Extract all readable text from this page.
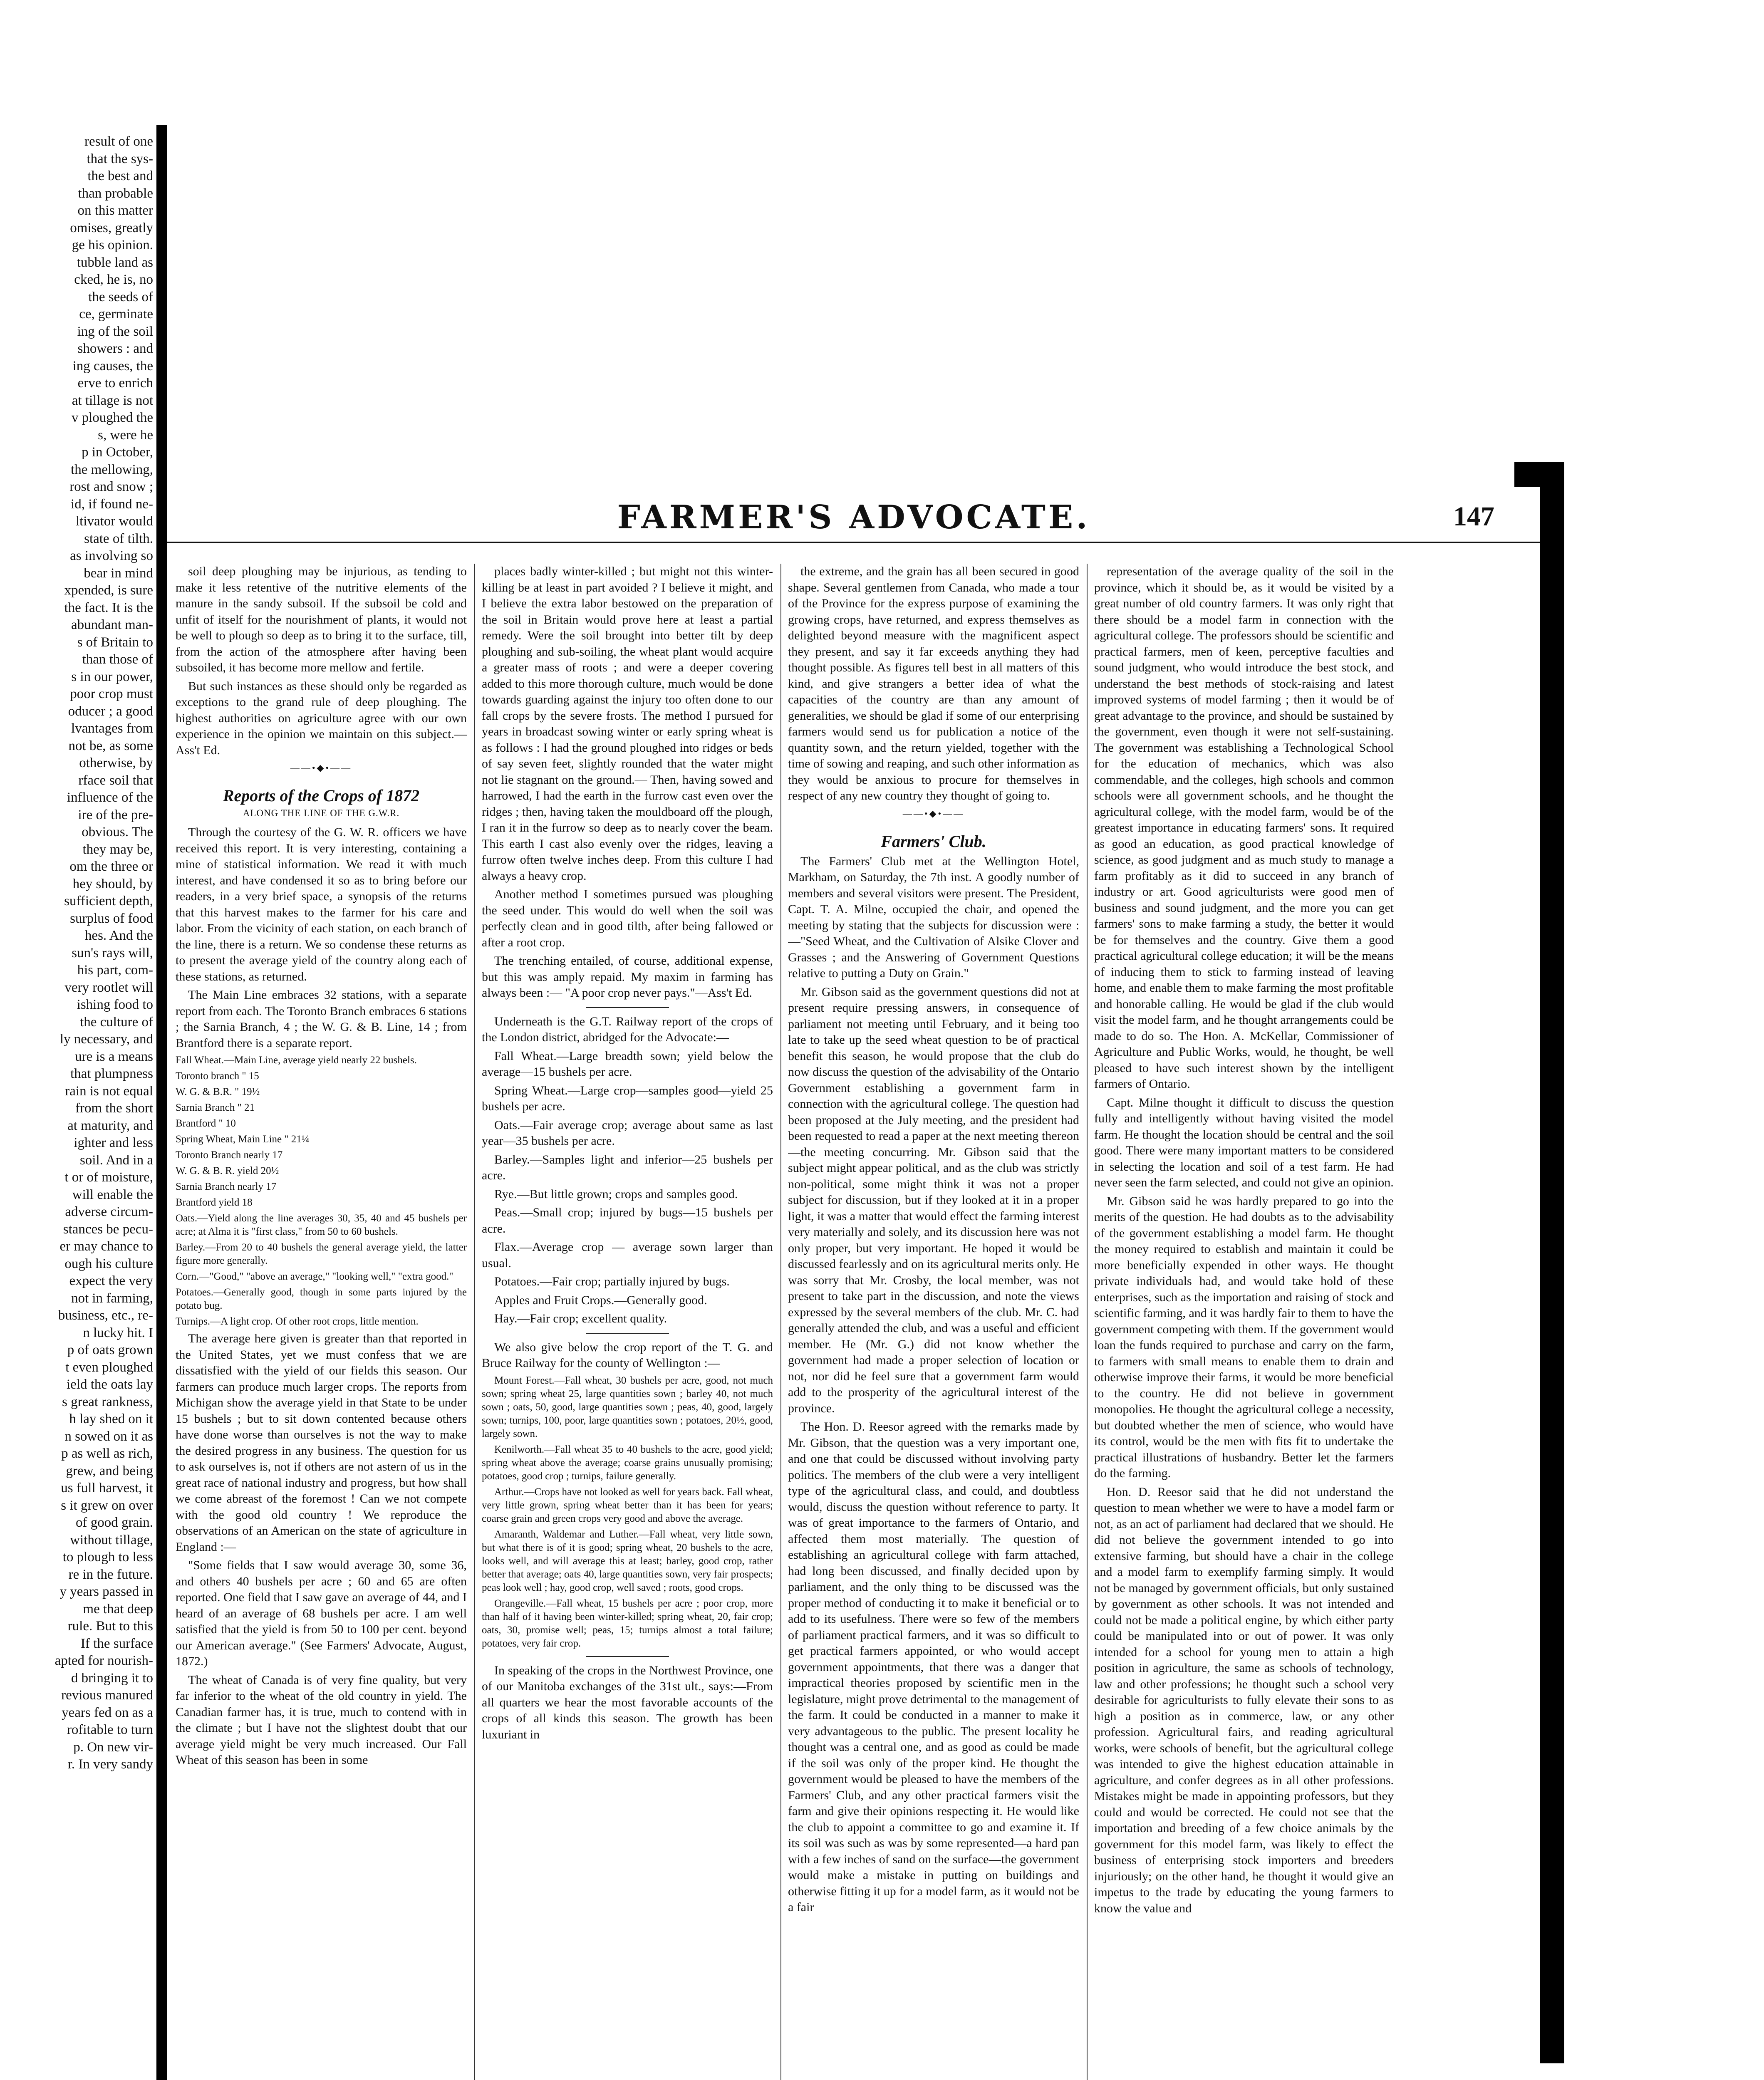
result of one

that the sys-

the best and

than probable

on this matter

omises, greatly

ge his opinion.

tubble land as

cked, he is, no

the seeds of

ce, germinate

ing of the soil

showers : and

ing causes, the

erve to enrich

at tillage is not

v ploughed the

s, were he

p in October,

the mellowing,

rost and snow ;

id, if found ne-

ltivator would

state of tilth.

as involving so

bear in mind

xpended, is sure

the fact. It is the

abundant man-

s of Britain to

than those of

s in our power,

poor crop must

oducer ; a good

lvantages from

not be, as some

otherwise, by

rface soil that

influence of the

ire of the pre-

obvious. The

they may be,

om the three or

hey should, by

sufficient depth,

surplus of food

hes. And the

sun's rays will,

his part, com-

very rootlet will

ishing food to

the culture of

ly necessary, and

ure is a means

that plumpness

rain is not equal

from the short

at maturity, and

ighter and less

soil. And in a

t or of moisture,

will enable the

adverse circum-

stances be pecu-

er may chance to

ough his culture

expect the very

not in farming,

business, etc., re-

n lucky hit. I

p of oats grown

t even ploughed

ield the oats lay

s great rankness,

h lay shed on it

n sowed on it as

p as well as rich,

grew, and being

us full harvest, it

s it grew on over

of good grain.

without tillage,

to plough to less

re in the future.

y years passed in

me that deep

rule. But to this

If the surface

apted for nourish-

d bringing it to

revious manured

years fed on as a

rofitable to turn

p. On new vir-

r. In very sandy

FARMER'S ADVOCATE.	147

soil deep ploughing may be injurious, as tending to make it less retentive of the nutritive elements of the manure in the sandy subsoil. If the subsoil be cold and unfit of itself for the nourishment of plants, it would not be well to plough so deep as to bring it to the surface, till, from the action of the atmosphere after having been subsoiled, it has become more mellow and fertile.

But such instances as these should only be regarded as exceptions to the grand rule of deep ploughing. The highest authorities on agriculture agree with our own experience in the opinion we maintain on this subject.—Ass't Ed.

——•◆•——
Reports of the Crops of 1872
ALONG THE LINE OF THE G.W.R.

Through the courtesy of the G. W. R. officers we have received this report. It is very interesting, containing a mine of statistical information. We read it with much interest, and have condensed it so as to bring before our readers, in a very brief space, a synopsis of the returns that this harvest makes to the farmer for his care and labor. From the vicinity of each station, on each branch of the line, there is a return. We so condense these returns as to present the average yield of the country along each of these stations, as returned.

The Main Line embraces 32 stations, with a separate report from each. The Toronto Branch embraces 6 stations ; the Sarnia Branch, 4 ; the W. G. & B. Line, 14 ; from Brantford there is a separate report.

Fall Wheat.—Main Line, average yield nearly 22 bushels.

Toronto branch " 15

W. G. & B.R. " 19½

Sarnia Branch " 21

Brantford " 10

Spring Wheat, Main Line " 21¼

Toronto Branch nearly 17

W. G. & B. R. yield 20½

Sarnia Branch nearly 17

Brantford yield 18

Oats.—Yield along the line averages 30, 35, 40 and 45 bushels per acre; at Alma it is "first class," from 50 to 60 bushels.

Barley.—From 20 to 40 bushels the general average yield, the latter figure more generally.

Corn.—"Good," "above an average," "looking well," "extra good."

Potatoes.—Generally good, though in some parts injured by the potato bug.

Turnips.—A light crop. Of other root crops, little mention.

The average here given is greater than that reported in the United States, yet we must confess that we are dissatisfied with the yield of our fields this season. Our farmers can produce much larger crops. The reports from Michigan show the average yield in that State to be under 15 bushels ; but to sit down contented because others have done worse than ourselves is not the way to make the desired progress in any business. The question for us to ask ourselves is, not if others are not astern of us in the great race of national industry and progress, but how shall we come abreast of the foremost ! Can we not compete with the good old country ! We reproduce the observations of an American on the state of agriculture in England :—

"Some fields that I saw would average 30, some 36, and others 40 bushels per acre ; 60 and 65 are often reported. One field that I saw gave an average of 44, and I heard of an average of 68 bushels per acre. I am well satisfied that the yield is from 50 to 100 per cent. beyond our American average." (See Farmers' Advocate, August, 1872.)

The wheat of Canada is of very fine quality, but very far inferior to the wheat of the old country in yield. The Canadian farmer has, it is true, much to contend with in the climate ; but I have not the slightest doubt that our average yield might be very much increased. Our Fall Wheat of this season has been in some

places badly winter-killed ; but might not this winter-killing be at least in part avoided ? I believe it might, and I believe the extra labor bestowed on the preparation of the soil in Britain would prove here at least a partial remedy. Were the soil brought into better tilt by deep ploughing and sub-soiling, the wheat plant would acquire a greater mass of roots ; and were a deeper covering added to this more thorough culture, much would be done towards guarding against the injury too often done to our fall crops by the severe frosts. The method I pursued for years in broadcast sowing winter or early spring wheat is as follows : I had the ground ploughed into ridges or beds of say seven feet, slightly rounded that the water might not lie stagnant on the ground.— Then, having sowed and harrowed, I had the earth in the furrow cast even over the ridges ; then, having taken the mouldboard off the plough, I ran it in the furrow so deep as to nearly cover the beam. This earth I cast also evenly over the ridges, leaving a furrow often twelve inches deep. From this culture I had always a heavy crop.

Another method I sometimes pursued was ploughing the seed under. This would do well when the soil was perfectly clean and in good tilth, after being fallowed or after a root crop.

The trenching entailed, of course, additional expense, but this was amply repaid. My maxim in farming has always been :— "A poor crop never pays."—Ass't Ed.

Underneath is the G.T. Railway report of the crops of the London district, abridged for the Advocate:—

Fall Wheat.—Large breadth sown; yield below the average—15 bushels per acre.

Spring Wheat.—Large crop—samples good—yield 25 bushels per acre.

Oats.—Fair average crop; average about same as last year—35 bushels per acre.

Barley.—Samples light and inferior—25 bushels per acre.

Rye.—But little grown; crops and samples good.

Peas.—Small crop; injured by bugs—15 bushels per acre.

Flax.—Average crop — average sown larger than usual.

Potatoes.—Fair crop; partially injured by bugs.

Apples and Fruit Crops.—Generally good.

Hay.—Fair crop; excellent quality.

We also give below the crop report of the T. G. and Bruce Railway for the county of Wellington :—

Mount Forest.—Fall wheat, 30 bushels per acre, good, not much sown; spring wheat 25, large quantities sown ; barley 40, not much sown ; oats, 50, good, large quantities sown ; peas, 40, good, largely sown; turnips, 100, poor, large quantities sown ; potatoes, 20½, good, largely sown.

Kenilworth.—Fall wheat 35 to 40 bushels to the acre, good yield; spring wheat above the average; coarse grains unusually promising; potatoes, good crop ; turnips, failure generally.

Arthur.—Crops have not looked as well for years back. Fall wheat, very little grown, spring wheat better than it has been for years; coarse grain and green crops very good and above the average.

Amaranth, Waldemar and Luther.—Fall wheat, very little sown, but what there is of it is good; spring wheat, 20 bushels to the acre, looks well, and will average this at least; barley, good crop, rather better that average; oats 40, large quantities sown, very fair prospects; peas look well ; hay, good crop, well saved ; roots, good crops.

Orangeville.—Fall wheat, 15 bushels per acre ; poor crop, more than half of it having been winter-killed; spring wheat, 20, fair crop; oats, 30, promise well; peas, 15; turnips almost a total failure; potatoes, very fair crop.

In speaking of the crops in the Northwest Province, one of our Manitoba exchanges of the 31st ult., says:—From all quarters we hear the most favorable accounts of the crops of all kinds this season. The growth has been luxuriant in

the extreme, and the grain has all been secured in good shape. Several gentlemen from Canada, who made a tour of the Province for the express purpose of examining the growing crops, have returned, and express themselves as delighted beyond measure with the magnificent aspect they present, and say it far exceeds anything they had thought possible. As figures tell best in all matters of this kind, and give strangers a better idea of what the capacities of the country are than any amount of generalities, we should be glad if some of our enterprising farmers would send us for publication a notice of the quantity sown, and the return yielded, together with the time of sowing and reaping, and such other information as they would be anxious to procure for themselves in respect of any new country they thought of going to.

——•◆•——
Farmers' Club.

The Farmers' Club met at the Wellington Hotel, Markham, on Saturday, the 7th inst. A goodly number of members and several visitors were present. The President, Capt. T. A. Milne, occupied the chair, and opened the meeting by stating that the subjects for discussion were :—"Seed Wheat, and the Cultivation of Alsike Clover and Grasses ; and the Answering of Government Questions relative to putting a Duty on Grain."

Mr. Gibson said as the government questions did not at present require pressing answers, in consequence of parliament not meeting until February, and it being too late to take up the seed wheat question to be of practical benefit this season, he would propose that the club do now discuss the question of the advisability of the Ontario Government establishing a government farm in connection with the agricultural college. The question had been proposed at the July meeting, and the president had been requested to read a paper at the next meeting thereon—the meeting concurring. Mr. Gibson said that the subject might appear political, and as the club was strictly non-political, some might think it was not a proper subject for discussion, but if they looked at it in a proper light, it was a matter that would effect the farming interest very materially and solely, and its discussion here was not only proper, but very important. He hoped it would be discussed fearlessly and on its agricultural merits only. He was sorry that Mr. Crosby, the local member, was not present to take part in the discussion, and note the views expressed by the several members of the club. Mr. C. had generally attended the club, and was a useful and efficient member. He (Mr. G.) did not know whether the government had made a proper selection of location or not, nor did he feel sure that a government farm would add to the prosperity of the agricultural interest of the province.

The Hon. D. Reesor agreed with the remarks made by Mr. Gibson, that the question was a very important one, and one that could be discussed without involving party politics. The members of the club were a very intelligent type of the agricultural class, and could, and doubtless would, discuss the question without reference to party. It was of great importance to the farmers of Ontario, and affected them most materially. The question of establishing an agricultural college with farm attached, had long been discussed, and finally decided upon by parliament, and the only thing to be discussed was the proper method of conducting it to make it beneficial or to add to its usefulness. There were so few of the members of parliament practical farmers, and it was so difficult to get practical farmers appointed, or who would accept government appointments, that there was a danger that impractical theories proposed by scientific men in the legislature, might prove detrimental to the management of the farm. It could be conducted in a manner to make it very advantageous to the public. The present locality he thought was a central one, and as good as could be made if the soil was only of the proper kind. He thought the government would be pleased to have the members of the Farmers' Club, and any other practical farmers visit the farm and give their opinions respecting it. He would like the club to appoint a committee to go and examine it. If its soil was such as was by some represented—a hard pan with a few inches of sand on the surface—the government would make a mistake in putting on buildings and otherwise fitting it up for a model farm, as it would not be a fair

representation of the average quality of the soil in the province, which it should be, as it would be visited by a great number of old country farmers. It was only right that there should be a model farm in connection with the agricultural college. The professors should be scientific and practical farmers, men of keen, perceptive faculties and sound judgment, who would introduce the best stock, and understand the best methods of stock-raising and latest improved systems of model farming ; then it would be of great advantage to the province, and should be sustained by the government, even though it were not self-sustaining. The government was establishing a Technological School for the education of mechanics, which was also commendable, and the colleges, high schools and common schools were all government schools, and he thought the agricultural college, with the model farm, would be of the greatest importance in educating farmers' sons. It required as good an education, as good practical knowledge of science, as good judgment and as much study to manage a farm profitably as it did to succeed in any branch of industry or art. Good agriculturists were good men of business and sound judgment, and the more you can get farmers' sons to make farming a study, the better it would be for themselves and the country. Give them a good practical agricultural college education; it will be the means of inducing them to stick to farming instead of leaving home, and enable them to make farming the most profitable and honorable calling. He would be glad if the club would visit the model farm, and he thought arrangements could be made to do so. The Hon. A. McKellar, Commissioner of Agriculture and Public Works, would, he thought, be well pleased to have such interest shown by the intelligent farmers of Ontario.

Capt. Milne thought it difficult to discuss the question fully and intelligently without having visited the model farm. He thought the location should be central and the soil good. There were many important matters to be considered in selecting the location and soil of a test farm. He had never seen the farm selected, and could not give an opinion.

Mr. Gibson said he was hardly prepared to go into the merits of the question. He had doubts as to the advisability of the government establishing a model farm. He thought the money required to establish and maintain it could be more beneficially expended in other ways. He thought private individuals had, and would take hold of these enterprises, such as the importation and raising of stock and scientific farming, and it was hardly fair to them to have the government competing with them. If the government would loan the funds required to purchase and carry on the farm, to farmers with small means to enable them to drain and otherwise improve their farms, it would be more beneficial to the country. He did not believe in government monopolies. He thought the agricultural college a necessity, but doubted whether the men of science, who would have its control, would be the men with fits fit to undertake the practical illustrations of husbandry. Better let the farmers do the farming.

Hon. D. Reesor said that he did not understand the question to mean whether we were to have a model farm or not, as an act of parliament had declared that we should. He did not believe the government intended to go into extensive farming, but should have a chair in the college and a model farm to exemplify farming simply. It would not be managed by government officials, but only sustained by government as other schools. It was not intended and could not be made a political engine, by which either party could be manipulated into or out of power. It was only intended for a school for young men to attain a high position in agriculture, the same as schools of technology, law and other professions; he thought such a school very desirable for agriculturists to fully elevate their sons to as high a position as in commerce, law, or any other profession. Agricultural fairs, and reading agricultural works, were schools of benefit, but the agricultural college was intended to give the highest education attainable in agriculture, and confer degrees as in all other professions. Mistakes might be made in appointing professors, but they could and would be corrected. He could not see that the importation and breeding of a few choice animals by the government for this model farm, was likely to effect the business of enterprising stock importers and breeders injuriously; on the other hand, he thought it would give an impetus to the trade by educating the young farmers to know the value and
